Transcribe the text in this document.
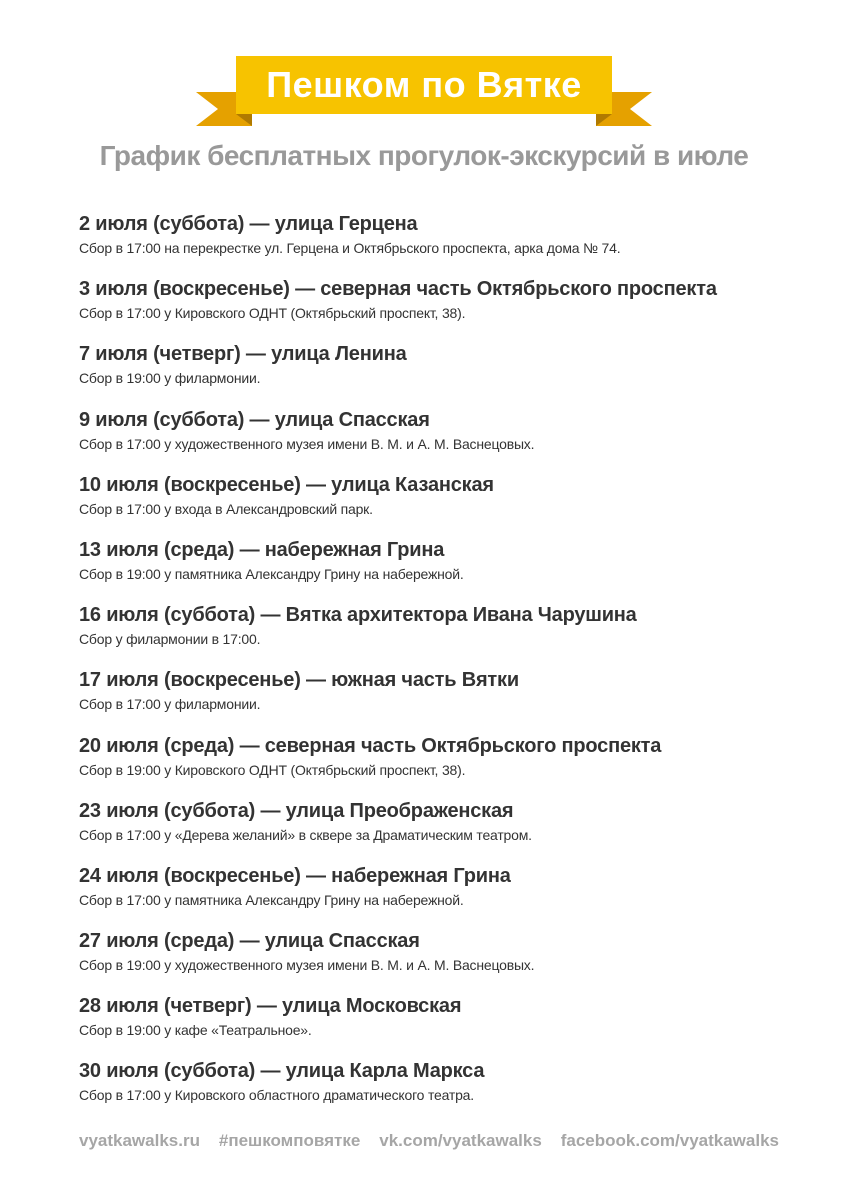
Пешком по Вятке
График бесплатных прогулок-экскурсий в июле
2 июля (суббота) — улица Герцена
Сбор в 17:00 на перекрестке ул. Герцена и Октябрьского проспекта, арка дома № 74.
3 июля (воскресенье) — северная часть Октябрьского проспекта
Сбор в 17:00 у Кировского ОДНТ (Октябрьский проспект, 38).
7 июля (четверг) — улица Ленина
Сбор в 19:00 у филармонии.
9 июля (суббота) — улица Спасская
Сбор в 17:00 у художественного музея имени В. М. и А. М. Васнецовых.
10 июля (воскресенье) — улица Казанская
Сбор в 17:00 у входа в Александровский парк.
13 июля (среда) — набережная Грина
Сбор в 19:00 у памятника Александру Грину на набережной.
16 июля (суббота) — Вятка архитектора Ивана Чарушина
Сбор у филармонии в 17:00.
17 июля (воскресенье) — южная часть Вятки
Сбор в 17:00 у филармонии.
20 июля (среда) — северная часть Октябрьского проспекта
Сбор в 19:00 у Кировского ОДНТ (Октябрьский проспект, 38).
23 июля (суббота) — улица Преображенская
Сбор в 17:00 у «Дерева желаний» в сквере за Драматическим театром.
24 июля (воскресенье) — набережная Грина
Сбор в 17:00 у памятника Александру Грину на набережной.
27 июля (среда) — улица Спасская
Сбор в 19:00 у художественного музея имени В. М. и А. М. Васнецовых.
28 июля (четверг) — улица Московская
Сбор в 19:00 у кафе «Театральное».
30 июля (суббота) — улица Карла Маркса
Сбор в 17:00 у Кировского областного драматического театра.
vyatkawalks.ru #пешкомповятке vk.com/vyatkawalks facebook.com/vyatkawalks
